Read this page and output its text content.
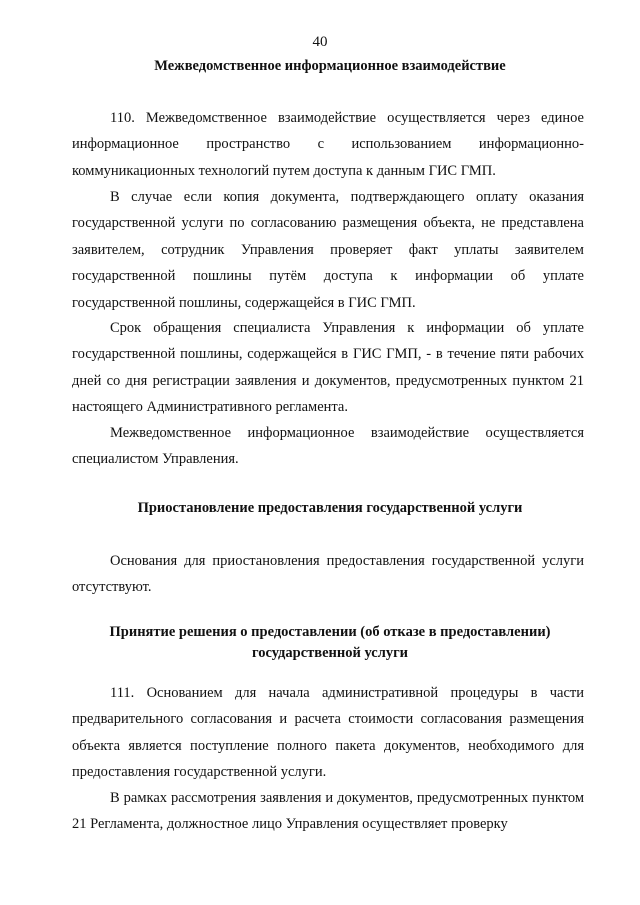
40
Межведомственное информационное взаимодействие

110. Межведомственное взаимодействие осуществляется через единое информационное пространство с использованием информационно-коммуникационных технологий путем доступа к данным ГИС ГМП.

В случае если копия документа, подтверждающего оплату оказания государственной услуги по согласованию размещения объекта, не представлена заявителем, сотрудник Управления проверяет факт уплаты заявителем государственной пошлины путём доступа к информации об уплате государственной пошлины, содержащейся в ГИС ГМП.

Срок обращения специалиста Управления к информации об уплате государственной пошлины, содержащейся в ГИС ГМП, - в течение пяти рабочих дней со дня регистрации заявления и документов, предусмотренных пунктом 21 настоящего Административного регламента.

Межведомственное информационное взаимодействие осуществляется специалистом Управления.

Приостановление предоставления государственной услуги

Основания для приостановления предоставления государственной услуги отсутствуют.

Принятие решения о предоставлении (об отказе в предоставлении) государственной услуги

111. Основанием для начала административной процедуры в части предварительного согласования и расчета стоимости согласования размещения объекта является поступление полного пакета документов, необходимого для предоставления государственной услуги.

В рамках рассмотрения заявления и документов, предусмотренных пунктом 21 Регламента, должностное лицо Управления осуществляет проверку
